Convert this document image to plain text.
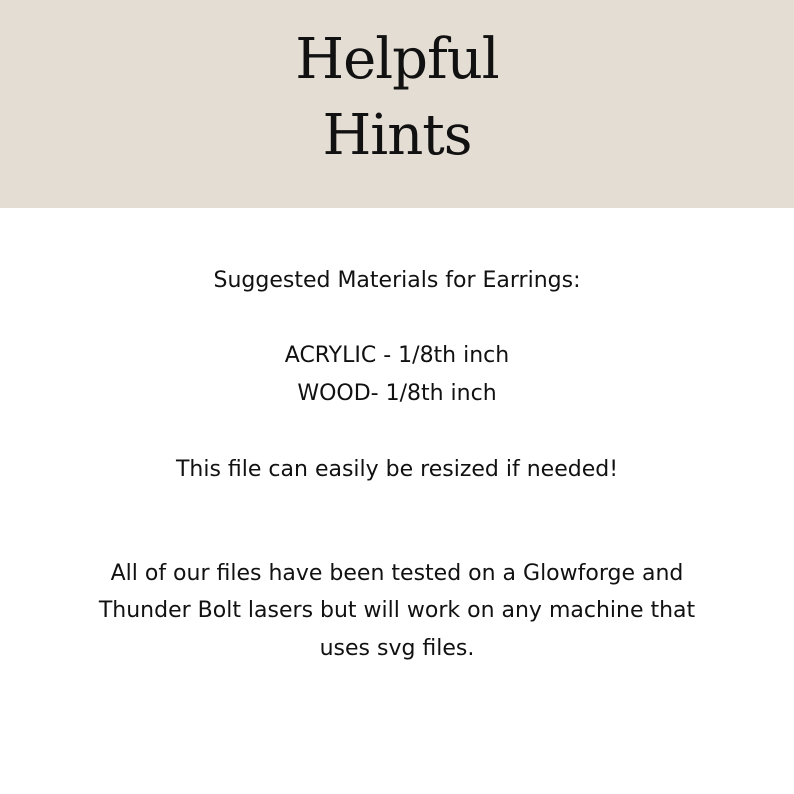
Helpful
Hints
Suggested Materials for Earrings:
ACRYLIC - 1/8th inch
WOOD- 1/8th inch
This file can easily be resized if needed!
All of our files have been tested on a Glowforge and
Thunder Bolt lasers but will work on any machine that
uses svg files.
